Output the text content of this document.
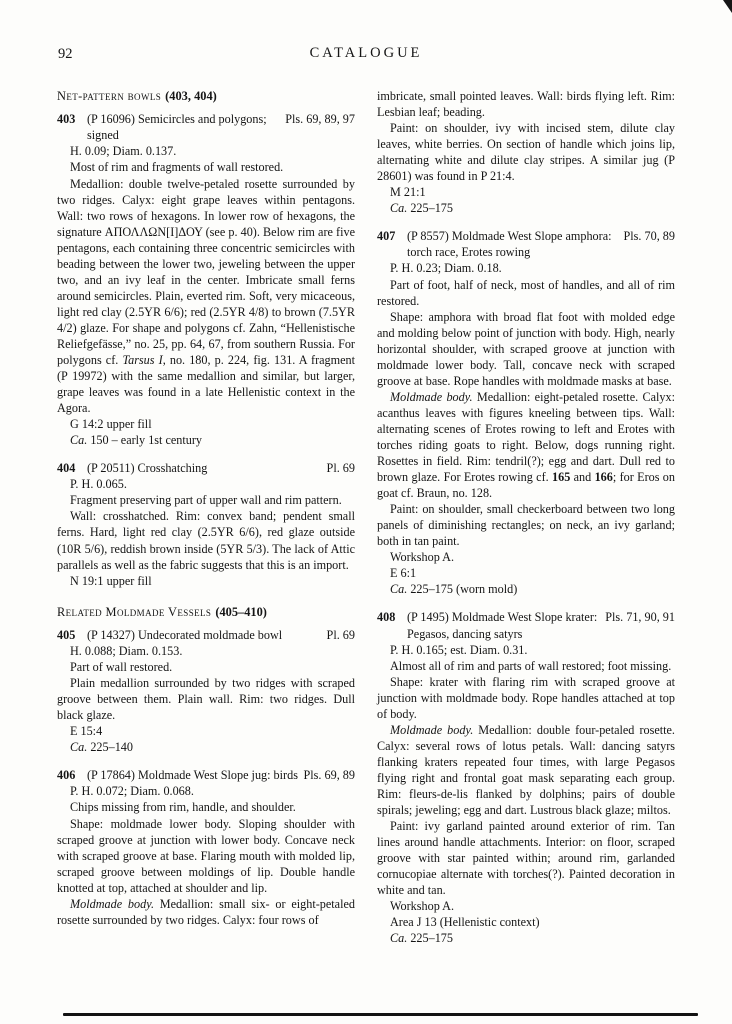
92	CATALOGUE
Net-pattern bowls (403, 404)
Pls. 69, 89, 97
403 (P 16096) Semicircles and polygons; signed

H. 0.09; Diam. 0.137.

Most of rim and fragments of wall restored.

Medallion: double twelve-petaled rosette surrounded by two ridges. Calyx: eight grape leaves within pentagons. Wall: two rows of hexagons. In lower row of hexagons, the signature ΑΠΟΛΛΩΝ[Ι]ΔΟΥ (see p. 40). Below rim are five pentagons, each containing three concentric semicircles with beading between the lower two, jeweling between the upper two, and an ivy leaf in the center. Imbricate small ferns around semicircles. Plain, everted rim. Soft, very micaceous, light red clay (2.5YR 6/6); red (2.5YR 4/8) to brown (7.5YR 4/2) glaze. For shape and polygons cf. Zahn, “Hellenistische Reliefgefässe,” no. 25, pp. 64, 67, from southern Russia. For polygons cf. Tarsus I, no. 180, p. 224, fig. 131. A fragment (P 19972) with the same medallion and similar, but larger, grape leaves was found in a late Hellenistic context in the Agora.

G 14:2 upper fill

Ca. 150 – early 1st century

Pl. 69
404 (P 20511) Crosshatching

P. H. 0.065.

Fragment preserving part of upper wall and rim pattern.

Wall: crosshatched. Rim: convex band; pendent small ferns. Hard, light red clay (2.5YR 6/6), red glaze outside (10R 5/6), reddish brown inside (5YR 5/3). The lack of Attic parallels as well as the fabric suggests that this is an import.

N 19:1 upper fill

Related Moldmade Vessels (405–410)
Pl. 69
405 (P 14327) Undecorated moldmade bowl

H. 0.088; Diam. 0.153.

Part of wall restored.

Plain medallion surrounded by two ridges with scraped groove between them. Plain wall. Rim: two ridges. Dull black glaze.

E 15:4

Ca. 225–140

Pls. 69, 89
406 (P 17864) Moldmade West Slope jug: birds

P. H. 0.072; Diam. 0.068.

Chips missing from rim, handle, and shoulder.

Shape: moldmade lower body. Sloping shoulder with scraped groove at junction with lower body. Concave neck with scraped groove at base. Flaring mouth with molded lip, scraped groove between moldings of lip. Double handle knotted at top, attached at shoulder and lip.

Moldmade body. Medallion: small six- or eight-petaled rosette surrounded by two ridges. Calyx: four rows of

imbricate, small pointed leaves. Wall: birds flying left. Rim: Lesbian leaf; beading.

Paint: on shoulder, ivy with incised stem, dilute clay leaves, white berries. On section of handle which joins lip, alternating white and dilute clay stripes. A similar jug (P 28601) was found in P 21:4.

M 21:1

Ca. 225–175

Pls. 70, 89
407 (P 8557) Moldmade West Slope amphora: torch race, Erotes rowing

P. H. 0.23; Diam. 0.18.

Part of foot, half of neck, most of handles, and all of rim restored.

Shape: amphora with broad flat foot with molded edge and molding below point of junction with body. High, nearly horizontal shoulder, with scraped groove at junction with moldmade lower body. Tall, concave neck with scraped groove at base. Rope handles with moldmade masks at base.

Moldmade body. Medallion: eight-petaled rosette. Calyx: acanthus leaves with figures kneeling between tips. Wall: alternating scenes of Erotes rowing to left and Erotes with torches riding goats to right. Below, dogs running right. Rosettes in field. Rim: tendril(?); egg and dart. Dull red to brown glaze. For Erotes rowing cf. 165 and 166; for Eros on goat cf. Braun, no. 128.

Paint: on shoulder, small checkerboard between two long panels of diminishing rectangles; on neck, an ivy garland; both in tan paint.

Workshop A.

E 6:1

Ca. 225–175 (worn mold)

Pls. 71, 90, 91
408 (P 1495) Moldmade West Slope krater: Pegasos, dancing satyrs

P. H. 0.165; est. Diam. 0.31.

Almost all of rim and parts of wall restored; foot missing.

Shape: krater with flaring rim with scraped groove at junction with moldmade body. Rope handles attached at top of body.

Moldmade body. Medallion: double four-petaled rosette. Calyx: several rows of lotus petals. Wall: dancing satyrs flanking kraters repeated four times, with large Pegasos flying right and frontal goat mask separating each group. Rim: fleurs-de-lis flanked by dolphins; pairs of double spirals; jeweling; egg and dart. Lustrous black glaze; miltos.

Paint: ivy garland painted around exterior of rim. Tan lines around handle attachments. Interior: on floor, scraped groove with star painted within; around rim, garlanded cornucopiae alternate with torches(?). Painted decoration in white and tan.

Workshop A.

Area J 13 (Hellenistic context)

Ca. 225–175
